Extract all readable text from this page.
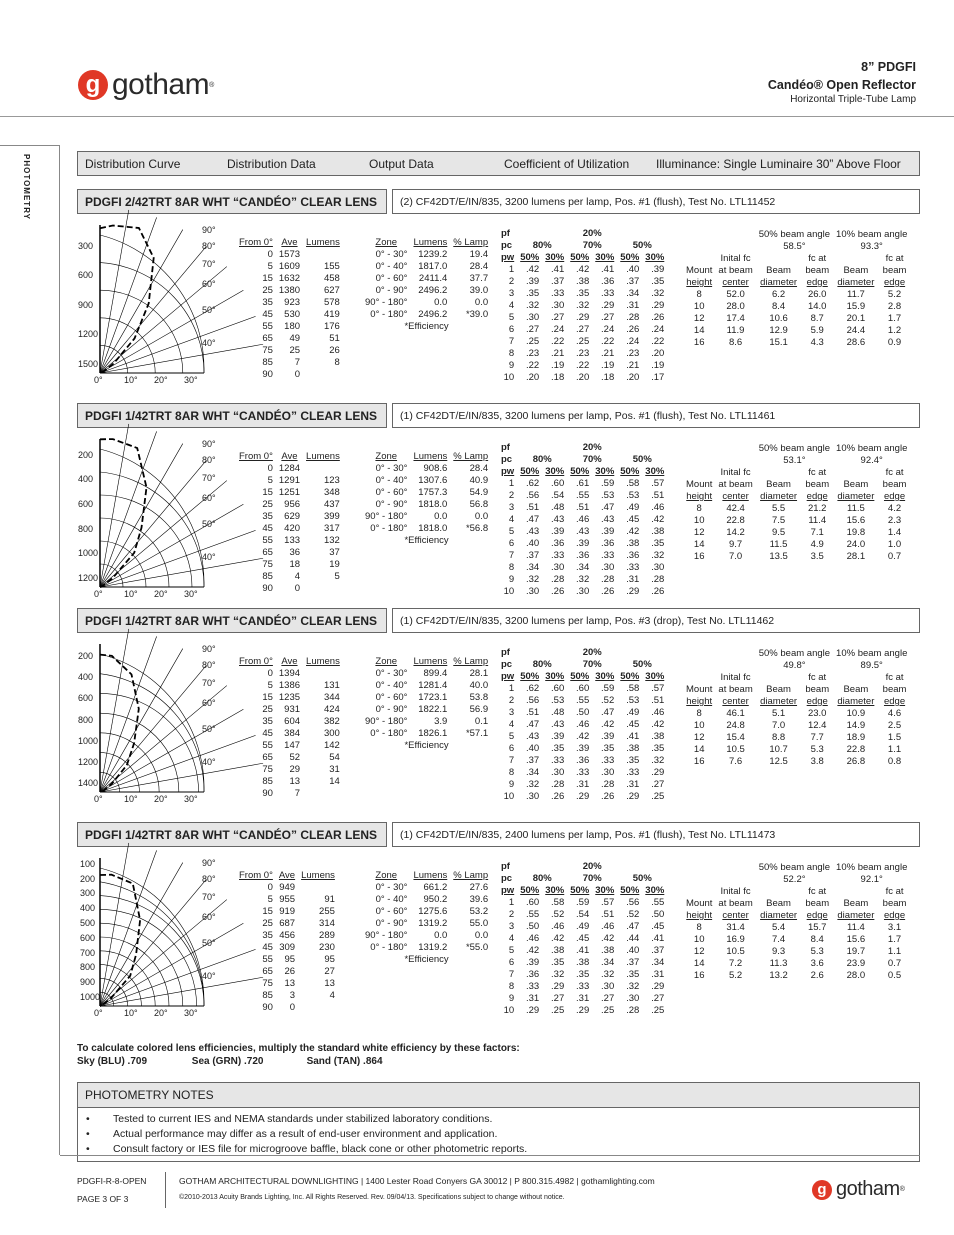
g gotham ®
8” PDGFI
Candéo® Open Reflector
Horizontal Triple-Tube Lamp
PHOTOMETRY	Distribution Curve	Distribution Data	Output Data	Coefficient of Utilization	Illuminance: Single Luminaire 30” Above Floor
PDGFI 2/42TRT 8AR WHT “CANDÉO” CLEAR LENS	(2) CF42DT/E/IN/835, 3200 lumens per lamp, Pos. #1 (flush), Test No. LTL11452
From 0°	Ave	Lumens
0	1573	
5	1609	155
15	1632	458
25	1380	627
35	923	578
45	530	419
55	180	176
65	49	51
75	25	26
85	7	8
90	0	
Zone	Lumens	% Lamp
0° - 30°	1239.2	19.4
0° - 40°	1817.0	28.4
0° - 60°	2411.4	37.7
0° - 90°	2496.2	39.0
90° - 180°	0.0	0.0
0° - 180°	2496.2	*39.0
*Efficiency		
pf	20%					
pc	80%		70%		50%	
pw	50%	30%	50%	30%	50%	30%
1	.42	.41	.42	.41	.40	.39
2	.39	.37	.38	.36	.37	.35
3	.35	.33	.35	.33	.34	.32
4	.32	.30	.32	.29	.31	.29
5	.30	.27	.29	.27	.28	.26
6	.27	.24	.27	.24	.26	.24
7	.25	.22	.25	.22	.24	.22
8	.23	.21	.23	.21	.23	.20
9	.22	.19	.22	.19	.21	.19
10	.20	.18	.20	.18	.20	.17
		50% beam angle		10% beam angle	
		58.5°		93.3°	
	Inital fc		fc at		fc at
Mount	at beam	Beam	beam	Beam	beam
height	center	diameter	edge	diameter	edge
8	52.0	6.2	26.0	11.7	5.2
10	28.0	8.4	14.0	15.9	2.8
12	17.4	10.6	8.7	20.1	1.7
14	11.9	12.9	5.9	24.4	1.2
16	8.6	15.1	4.3	28.6	0.9
300
600
900
1200
1500
90°
80°
70°
60°
50°
40°
0° 10° 20° 30°
PDGFI 1/42TRT 8AR WHT “CANDÉO” CLEAR LENS	(1) CF42DT/E/IN/835, 3200 lumens per lamp, Pos. #1 (flush), Test No. LTL11461
From 0°	Ave	Lumens
0	1284	
5	1291	123
15	1251	348
25	956	437
35	629	399
45	420	317
55	133	132
65	36	37
75	18	19
85	4	5
90	0	
Zone	Lumens	% Lamp
0° - 30°	908.6	28.4
0° - 40°	1307.6	40.9
0° - 60°	1757.3	54.9
0° - 90°	1818.0	56.8
90° - 180°	0.0	0.0
0° - 180°	1818.0	*56.8
*Efficiency		
pf	20%					
pc	80%		70%		50%	
pw	50%	30%	50%	30%	50%	30%
1	.62	.60	.61	.59	.58	.57
2	.56	.54	.55	.53	.53	.51
3	.51	.48	.51	.47	.49	.46
4	.47	.43	.46	.43	.45	.42
5	.43	.39	.43	.39	.42	.38
6	.40	.36	.39	.36	.38	.35
7	.37	.33	.36	.33	.36	.32
8	.34	.30	.34	.30	.33	.30
9	.32	.28	.32	.28	.31	.28
10	.30	.26	.30	.26	.29	.26
		50% beam angle		10% beam angle	
		53.1°		92.4°	
	Inital fc		fc at		fc at
Mount	at beam	Beam	beam	Beam	beam
height	center	diameter	edge	diameter	edge
8	42.4	5.5	21.2	11.5	4.2
10	22.8	7.5	11.4	15.6	2.3
12	14.2	9.5	7.1	19.8	1.4
14	9.7	11.5	4.9	24.0	1.0
16	7.0	13.5	3.5	28.1	0.7
200
400
600
800
1000
1200
90°
80°
70°
60°
50°
40°
0° 10° 20° 30°
PDGFI 1/42TRT 8AR WHT “CANDÉO” CLEAR LENS	(1) CF42DT/E/IN/835, 3200 lumens per lamp, Pos. #3 (drop), Test No. LTL11462
From 0°	Ave	Lumens
0	1394	
5	1386	131
15	1235	344
25	931	424
35	604	382
45	384	300
55	147	142
65	52	54
75	29	31
85	13	14
90	7	
Zone	Lumens	% Lamp
0° - 30°	899.4	28.1
0° - 40°	1281.4	40.0
0° - 60°	1723.1	53.8
0° - 90°	1822.1	56.9
90° - 180°	3.9	0.1
0° - 180°	1826.1	*57.1
*Efficiency		
pf	20%					
pc	80%		70%		50%	
pw	50%	30%	50%	30%	50%	30%
1	.62	.60	.60	.59	.58	.57
2	.56	.53	.55	.52	.53	.51
3	.51	.48	.50	.47	.49	.46
4	.47	.43	.46	.42	.45	.42
5	.43	.39	.42	.39	.41	.38
6	.40	.35	.39	.35	.38	.35
7	.37	.33	.36	.33	.35	.32
8	.34	.30	.33	.30	.33	.29
9	.32	.28	.31	.28	.31	.27
10	.30	.26	.29	.26	.29	.25
		50% beam angle		10% beam angle	
		49.8°		89.5°	
	Inital fc		fc at		fc at
Mount	at beam	Beam	beam	Beam	beam
height	center	diameter	edge	diameter	edge
8	46.1	5.1	23.0	10.9	4.6
10	24.8	7.0	12.4	14.9	2.5
12	15.4	8.8	7.7	18.9	1.5
14	10.5	10.7	5.3	22.8	1.1
16	7.6	12.5	3.8	26.8	0.8
200
400
600
800
1000
1200
1400
90°
80°
70°
60°
50°
40°
0° 10° 20° 30°
PDGFI 1/42TRT 8AR WHT “CANDÉO” CLEAR LENS	(1) CF42DT/E/IN/835, 2400 lumens per lamp, Pos. #1 (flush), Test No. LTL11473
From 0°	Ave	Lumens
0	949	
5	955	91
15	919	255
25	687	314
35	456	289
45	309	230
55	95	95
65	26	27
75	13	13
85	3	4
90	0	
Zone	Lumens	% Lamp
0° - 30°	661.2	27.6
0° - 40°	950.2	39.6
0° - 60°	1275.6	53.2
0° - 90°	1319.2	55.0
90° - 180°	0.0	0.0
0° - 180°	1319.2	*55.0
*Efficiency		
pf	20%					
pc	80%		70%		50%	
pw	50%	30%	50%	30%	50%	30%
1	.60	.58	.59	.57	.56	.55
2	.55	.52	.54	.51	.52	.50
3	.50	.46	.49	.46	.47	.45
4	.46	.42	.45	.42	.44	.41
5	.42	.38	.41	.38	.40	.37
6	.39	.35	.38	.34	.37	.34
7	.36	.32	.35	.32	.35	.31
8	.33	.29	.33	.30	.32	.29
9	.31	.27	.31	.27	.30	.27
10	.29	.25	.29	.25	.28	.25
		50% beam angle		10% beam angle	
		52.2°		92.1°	
	Inital fc		fc at		fc at
Mount	at beam	Beam	beam	Beam	beam
height	center	diameter	edge	diameter	edge
8	31.4	5.4	15.7	11.4	3.1
10	16.9	7.4	8.4	15.6	1.7
12	10.5	9.3	5.3	19.7	1.1
14	7.2	11.3	3.6	23.9	0.7
16	5.2	13.2	2.6	28.0	0.5
100
200
300
400
500
600
700
800
900
1000
90°
80°
70°
60°
50°
40°
0° 10° 20° 30°
To calculate colored lens efficiencies, multiply the standard white efficiency by these factors:
Sky (BLU) .709	Sea (GRN) .720	Sand (TAN) .864
PHOTOMETRY NOTES
• Tested to current IES and NEMA standards under stabilized laboratory conditions.
• Actual performance may differ as a result of end-user environment and application.
• Consult factory or IES file for microgroove baffle, black cone or other photometric reports.
PDGFI-R-8-OPEN
PAGE 3 OF 3
GOTHAM ARCHITECTURAL DOWNLIGHTING | 1400 Lester Road Conyers GA 30012 | P 800.315.4982 | gothamlighting.com
©2010-2013 Acuity Brands Lighting, Inc. All Rights Reserved. Rev. 09/04/13. Specifications subject to change without notice.	g gotham ®
